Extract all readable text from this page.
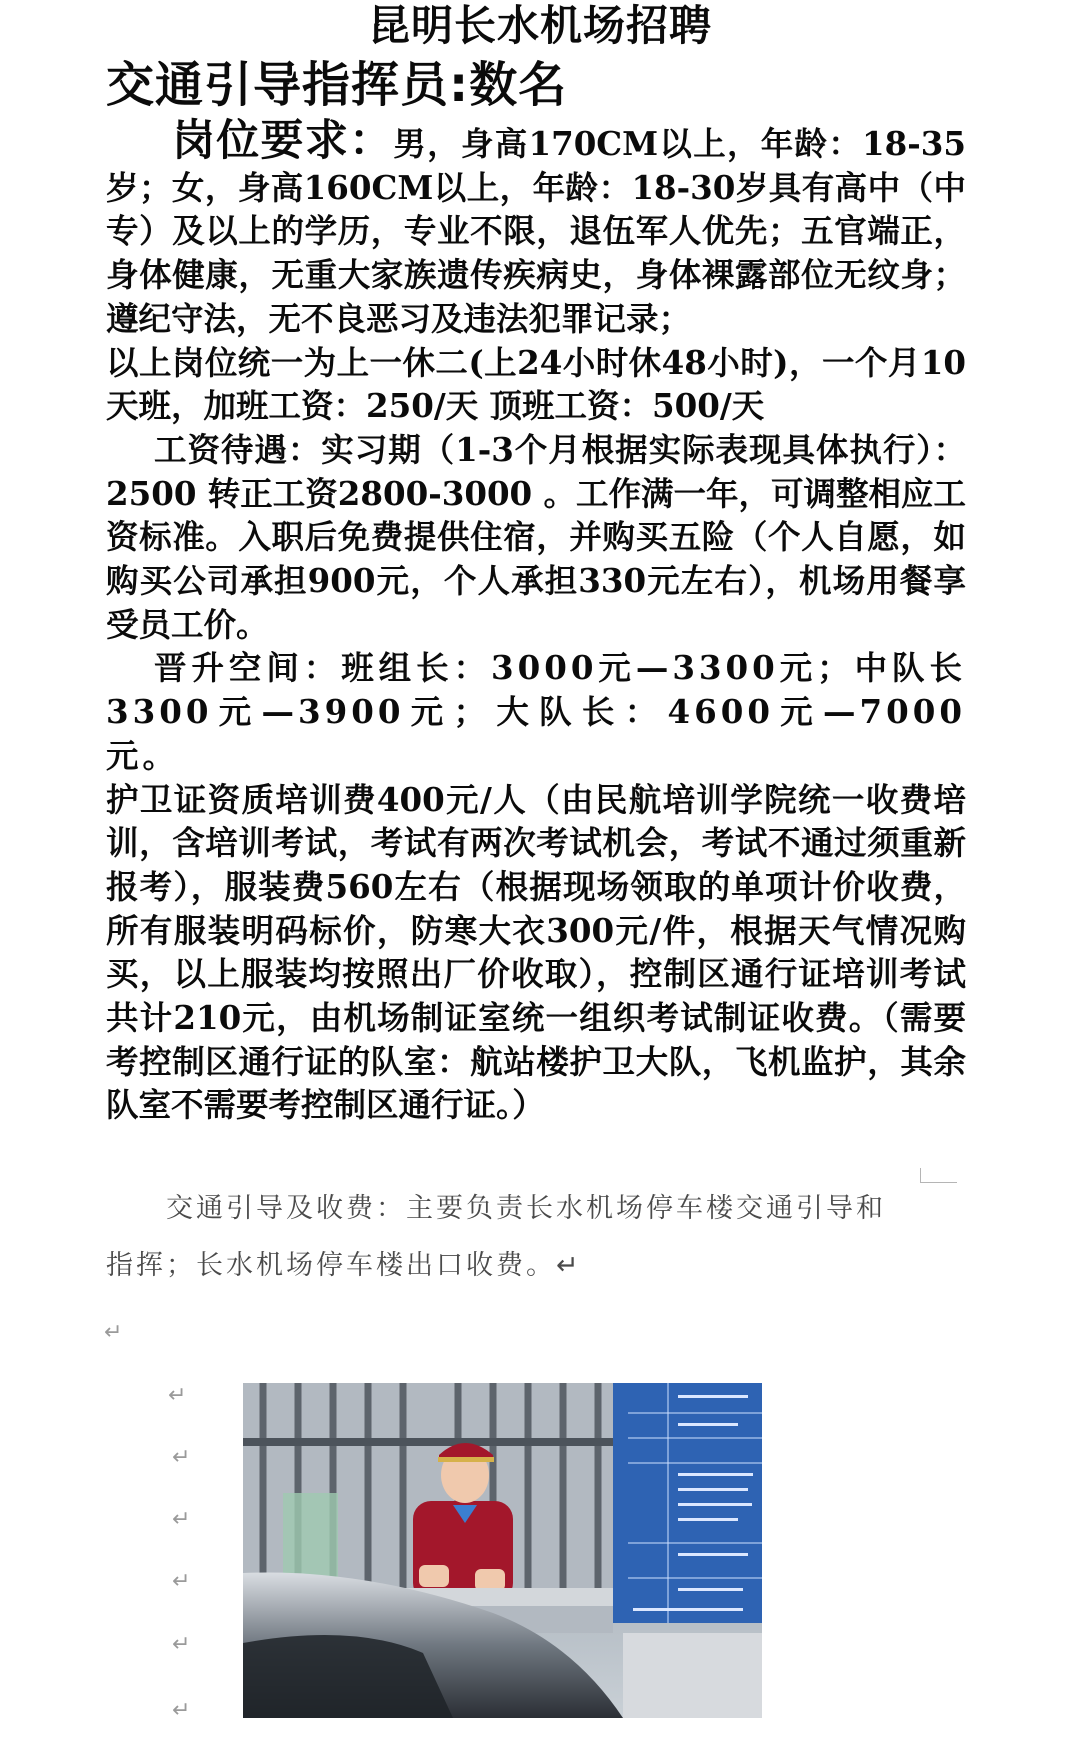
昆明长水机场招聘
交通引导指挥员:数名

岗位要求：男，身高170CM以上，年龄：18-35岁；女，身高160CM以上，年龄：18-30岁具有高中（中专）及以上的学历，专业不限，退伍军人优先；五官端正，身体健康，无重大家族遗传疾病史，身体裸露部位无纹身；遵纪守法，无不良恶习及违法犯罪记录；

以上岗位统一为上一休二(上24小时休48小时)，一个月10天班，加班工资：250/天 顶班工资：500/天

工资待遇：实习期（1-3个月根据实际表现具体执行）：2500 转正工资2800-3000 。工作满一年，可调整相应工资标准。入职后免费提供住宿，并购买五险（个人自愿，如购买公司承担900元，个人承担330元左右），机场用餐享受员工价。

晋升空间：班组长：3000元—3300元；中队长3300元—3900元；大队长：4600元—7000元。

护卫证资质培训费400元/人（由民航培训学院统一收费培训，含培训考试，考试有两次考试机会，考试不通过须重新报考），服装费560左右（根据现场领取的单项计价收费，所有服装明码标价，防寒大衣300元/件，根据天气情况购买，以上服装均按照出厂价收取），控制区通行证培训考试共计210元，由机场制证室统一组织考试制证收费。（需要考控制区通行证的队室：航站楼护卫大队，飞机监护，其余队室不需要考控制区通行证。）

交通引导及收费：主要负责长水机场停车楼交通引导和

指挥；长水机场停车楼出口收费。↵

↵
↵
↵
↵
↵
↵
↵
